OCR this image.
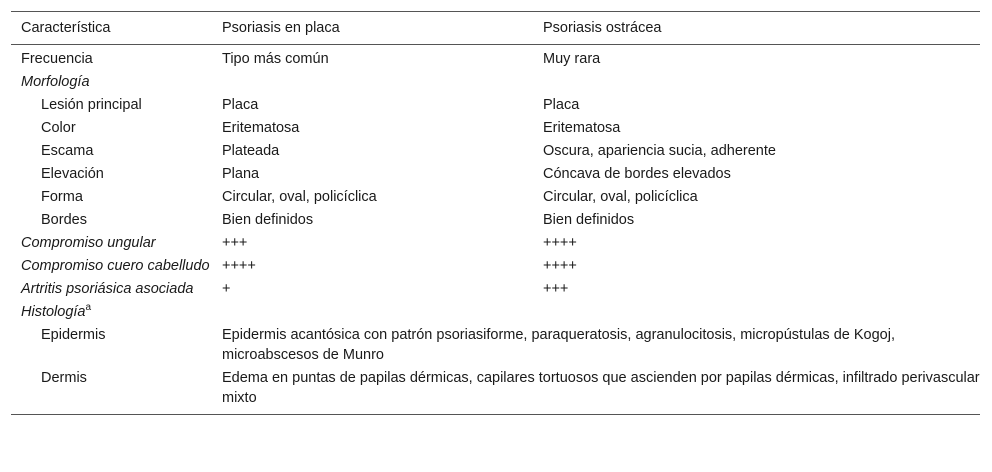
Característica	Psoriasis en placa	Psoriasis ostrácea
Frecuencia	Tipo más común	Muy rara
Morfología		
Lesión principal	Placa	Placa
Color	Eritematosa	Eritematosa
Escama	Plateada	Oscura, apariencia sucia, adherente
Elevación	Plana	Cóncava de bordes elevados
Forma	Circular, oval, policíclica	Circular, oval, policíclica
Bordes	Bien definidos	Bien definidos
Compromiso ungular	+++	++++
Compromiso cuero cabelludo	++++	++++
Artritis psoriásica asociada	+	+++
Histología$^a$		
Epidermis	Epidermis acantósica con patrón psoriasiforme, paraqueratosis, agranulocitosis, micropústulas de Kogoj, microabscesos de Munro	
Dermis	Edema en puntas de papilas dérmicas, capilares tortuosos que ascienden por papilas dérmicas, infiltrado perivascular mixto	
